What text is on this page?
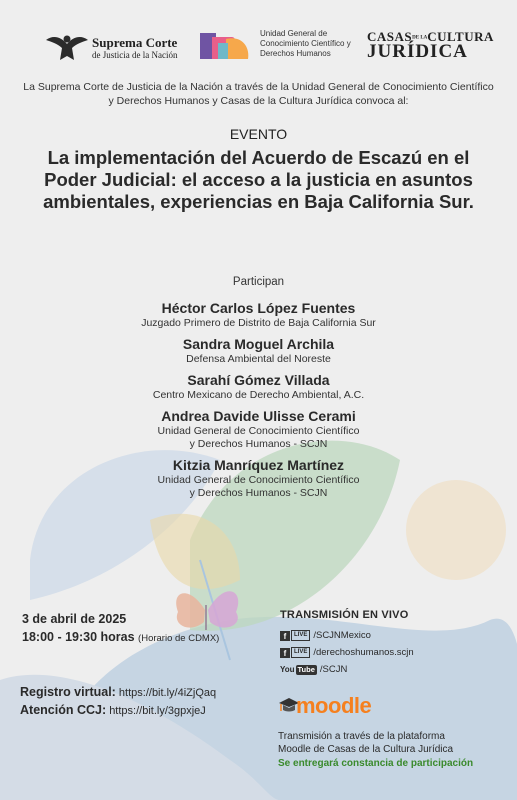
Suprema Corte
de Justicia de la Nación
Unidad General de Conocimiento Científico y Derechos Humanos
CASASDE LACULTURA
JURÍDICA
La Suprema Corte de Justicia de la Nación a través de la Unidad General de Conocimiento Científico y Derechos Humanos y Casas de la Cultura Jurídica convoca al:
EVENTO
La implementación del Acuerdo de Escazú en el Poder Judicial: el acceso a la justicia en asuntos ambientales, experiencias en Baja California Sur.
Participan
Héctor Carlos López Fuentes
Juzgado Primero de Distrito de Baja California Sur
Sandra Moguel Archila
Defensa Ambiental del Noreste
Sarahí Gómez Villada
Centro Mexicano de Derecho Ambiental, A.C.
Andrea Davide Ulisse Cerami
Unidad General de Conocimiento Científico
y Derechos Humanos - SCJN
Kitzia Manríquez Martínez
Unidad General de Conocimiento Científico
y Derechos Humanos - SCJN
3 de abril de 2025
18:00 - 19:30 horas (Horario de CDMX)
Registro virtual: https://bit.ly/4iZjQaq
Atención CCJ: https://bit.ly/3gpxjeJ
TRANSMISIÓN EN VIVO
f	LIVE /SCJNMexico
f	LIVE /derechoshumanos.scjn
You Tube /SCJN
moodle
Transmisión a través de la plataforma
Moodle de Casas de la Cultura Jurídica
Se entregará constancia de participación
